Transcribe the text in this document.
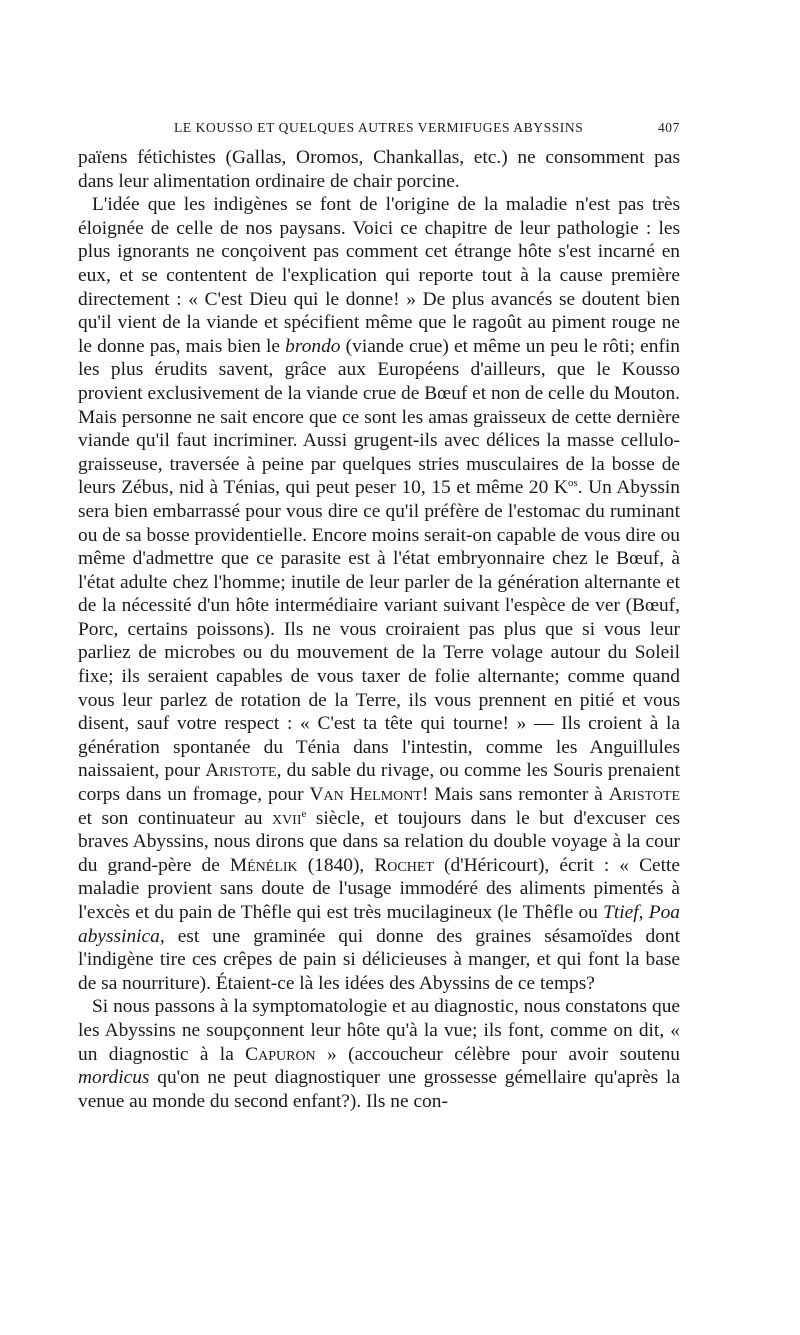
LE KOUSSO ET QUELQUES AUTRES VERMIFUGES ABYSSINS	407

païens fétichistes (Gallas, Oromos, Chankallas, etc.) ne consomment pas dans leur alimentation ordinaire de chair porcine.

L'idée que les indigènes se font de l'origine de la maladie n'est pas très éloignée de celle de nos paysans. Voici ce chapitre de leur pathologie : les plus ignorants ne conçoivent pas comment cet étrange hôte s'est incarné en eux, et se contentent de l'explication qui reporte tout à la cause première directement : « C'est Dieu qui le donne! » De plus avancés se doutent bien qu'il vient de la viande et spécifient même que le ragoût au piment rouge ne le donne pas, mais bien le brondo (viande crue) et même un peu le rôti; enfin les plus érudits savent, grâce aux Européens d'ailleurs, que le Kousso provient exclusivement de la viande crue de Bœuf et non de celle du Mouton. Mais personne ne sait encore que ce sont les amas graisseux de cette dernière viande qu'il faut incriminer. Aussi grugent-ils avec délices la masse cellulo-graisseuse, traversée à peine par quelques stries musculaires de la bosse de leurs Zébus, nid à Ténias, qui peut peser 10, 15 et même 20 $K^{os}$. Un Abyssin sera bien embarrassé pour vous dire ce qu'il préfère de l'estomac du ruminant ou de sa bosse providentielle. Encore moins serait-on capable de vous dire ou même d'admettre que ce parasite est à l'état embryonnaire chez le Bœuf, à l'état adulte chez l'homme; inutile de leur parler de la génération alternante et de la nécessité d'un hôte intermédiaire variant suivant l'espèce de ver (Bœuf, Porc, certains poissons). Ils ne vous croiraient pas plus que si vous leur parliez de microbes ou du mouvement de la Terre volage autour du Soleil fixe; ils seraient capables de vous taxer de folie alternante; comme quand vous leur parlez de rotation de la Terre, ils vous prennent en pitié et vous disent, sauf votre respect : « C'est ta tête qui tourne! » — Ils croient à la génération spontanée du Ténia dans l'intestin, comme les Anguillules naissaient, pour Aristote, du sable du rivage, ou comme les Souris prenaient corps dans un fromage, pour Van Helmont! Mais sans remonter à Aristote et son continuateur au xvii$^e$ siècle, et toujours dans le but d'excuser ces braves Abyssins, nous dirons que dans sa relation du double voyage à la cour du grand-père de Ménélik (1840), Rochet (d'Héricourt), écrit : « Cette maladie provient sans doute de l'usage immodéré des aliments pimentés à l'excès et du pain de Thêfle qui est très mucilagineux (le Thêfle ou Ttief, Poa abyssinica, est une graminée qui donne des graines sésamoïdes dont l'indigène tire ces crêpes de pain si délicieuses à manger, et qui font la base de sa nourriture). Étaient-ce là les idées des Abyssins de ce temps?

Si nous passons à la symptomatologie et au diagnostic, nous constatons que les Abyssins ne soupçonnent leur hôte qu'à la vue; ils font, comme on dit, « un diagnostic à la Capuron » (accoucheur célèbre pour avoir soutenu mordicus qu'on ne peut diagnostiquer une grossesse gémellaire qu'après la venue au monde du second enfant?). Ils ne con-
